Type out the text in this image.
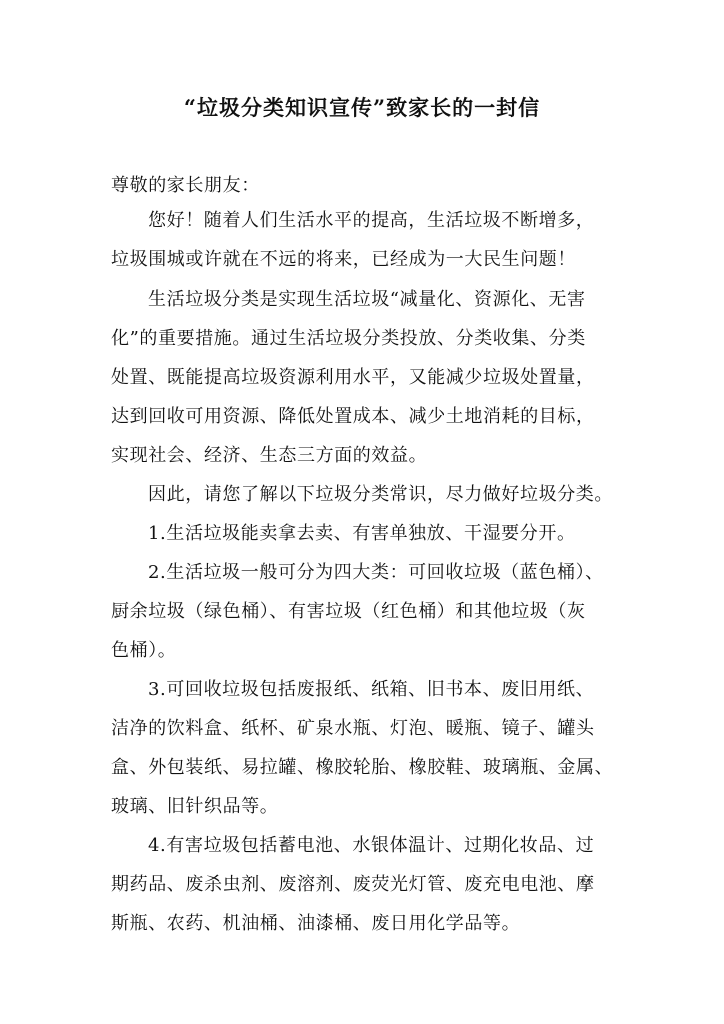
“垃圾分类知识宣传”致家长的一封信
尊敬的家长朋友：
您好！随着人们生活水平的提高，生活垃圾不断增多，
垃圾围城或许就在不远的将来，已经成为一大民生问题！
生活垃圾分类是实现生活垃圾“减量化、资源化、无害
化”的重要措施。通过生活垃圾分类投放、分类收集、分类
处置、既能提高垃圾资源利用水平，又能减少垃圾处置量，
达到回收可用资源、降低处置成本、减少土地消耗的目标，
实现社会、经济、生态三方面的效益。
因此，请您了解以下垃圾分类常识，尽力做好垃圾分类。
1.生活垃圾能卖拿去卖、有害单独放、干湿要分开。
2.生活垃圾一般可分为四大类：可回收垃圾（蓝色桶）、
厨余垃圾（绿色桶）、有害垃圾（红色桶）和其他垃圾（灰
色桶）。
3.可回收垃圾包括废报纸、纸箱、旧书本、废旧用纸、
洁净的饮料盒、纸杯、矿泉水瓶、灯泡、暖瓶、镜子、罐头
盒、外包装纸、易拉罐、橡胶轮胎、橡胶鞋、玻璃瓶、金属、
玻璃、旧针织品等。
4.有害垃圾包括蓄电池、水银体温计、过期化妆品、过
期药品、废杀虫剂、废溶剂、废荧光灯管、废充电电池、摩
斯瓶、农药、机油桶、油漆桶、废日用化学品等。
